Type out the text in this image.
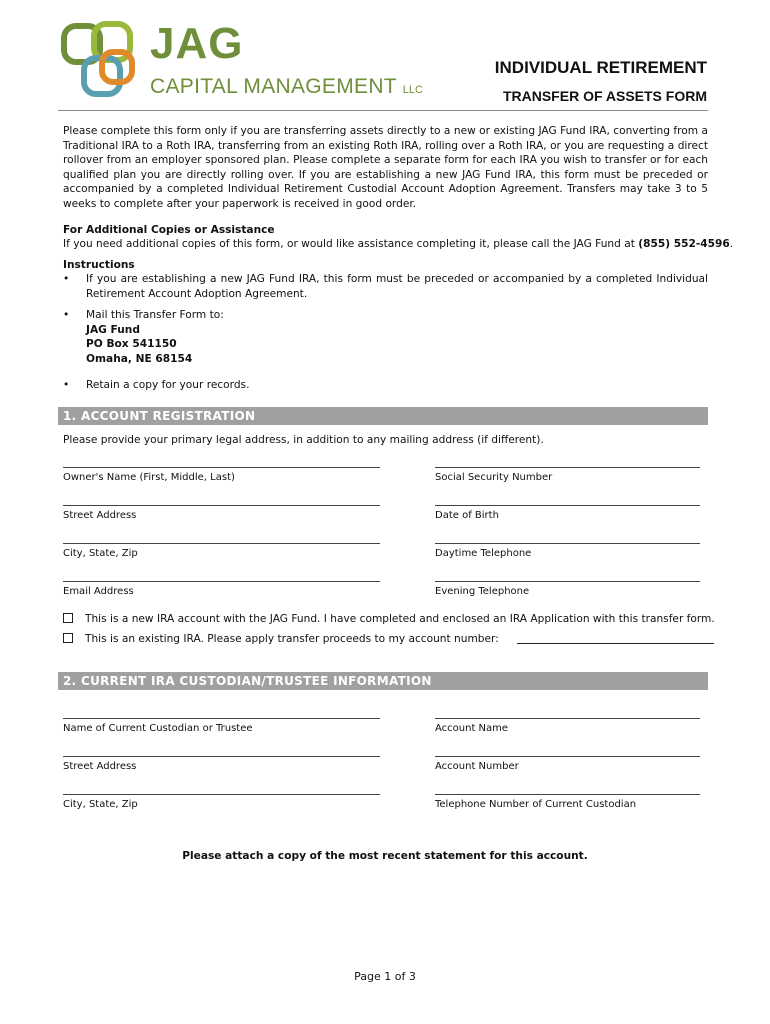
JAG
CAPITAL MANAGEMENT LLC
INDIVIDUAL RETIREMENT
TRANSFER OF ASSETS FORM
Please complete this form only if you are transferring assets directly to a new or existing JAG Fund IRA, converting from a Traditional IRA to a Roth IRA, transferring from an existing Roth IRA, rolling over a Roth IRA, or you are requesting a direct rollover from an employer sponsored plan. Please complete a separate form for each IRA you wish to transfer or for each qualified plan you are directly rolling over. If you are establishing a new JAG Fund IRA, this form must be preceded or accompanied by a completed Individual Retirement Custodial Account Adoption Agreement. Transfers may take 3 to 5 weeks to complete after your paperwork is received in good order.
For Additional Copies or Assistance
If you need additional copies of this form, or would like assistance completing it, please call the JAG Fund at (855) 552-4596.
Instructions
• If you are establishing a new JAG Fund IRA, this form must be preceded or accompanied by a completed Individual Retirement Account Adoption Agreement.
• Mail this Transfer Form to:
JAG Fund
PO Box 541150
Omaha, NE 68154
• Retain a copy for your records.
1. ACCOUNT REGISTRATION
Please provide your primary legal address, in addition to any mailing address (if different).
Owner's Name (First, Middle, Last)	Social Security Number
Street Address	Date of Birth
City, State, Zip	Daytime Telephone
Email Address	Evening Telephone
This is a new IRA account with the JAG Fund. I have completed and enclosed an IRA Application with this transfer form.
This is an existing IRA. Please apply transfer proceeds to my account number:
2. CURRENT IRA CUSTODIAN/TRUSTEE INFORMATION
Name of Current Custodian or Trustee	Account Name
Street Address	Account Number
City, State, Zip	Telephone Number of Current Custodian
Please attach a copy of the most recent statement for this account.
Page 1 of 3
